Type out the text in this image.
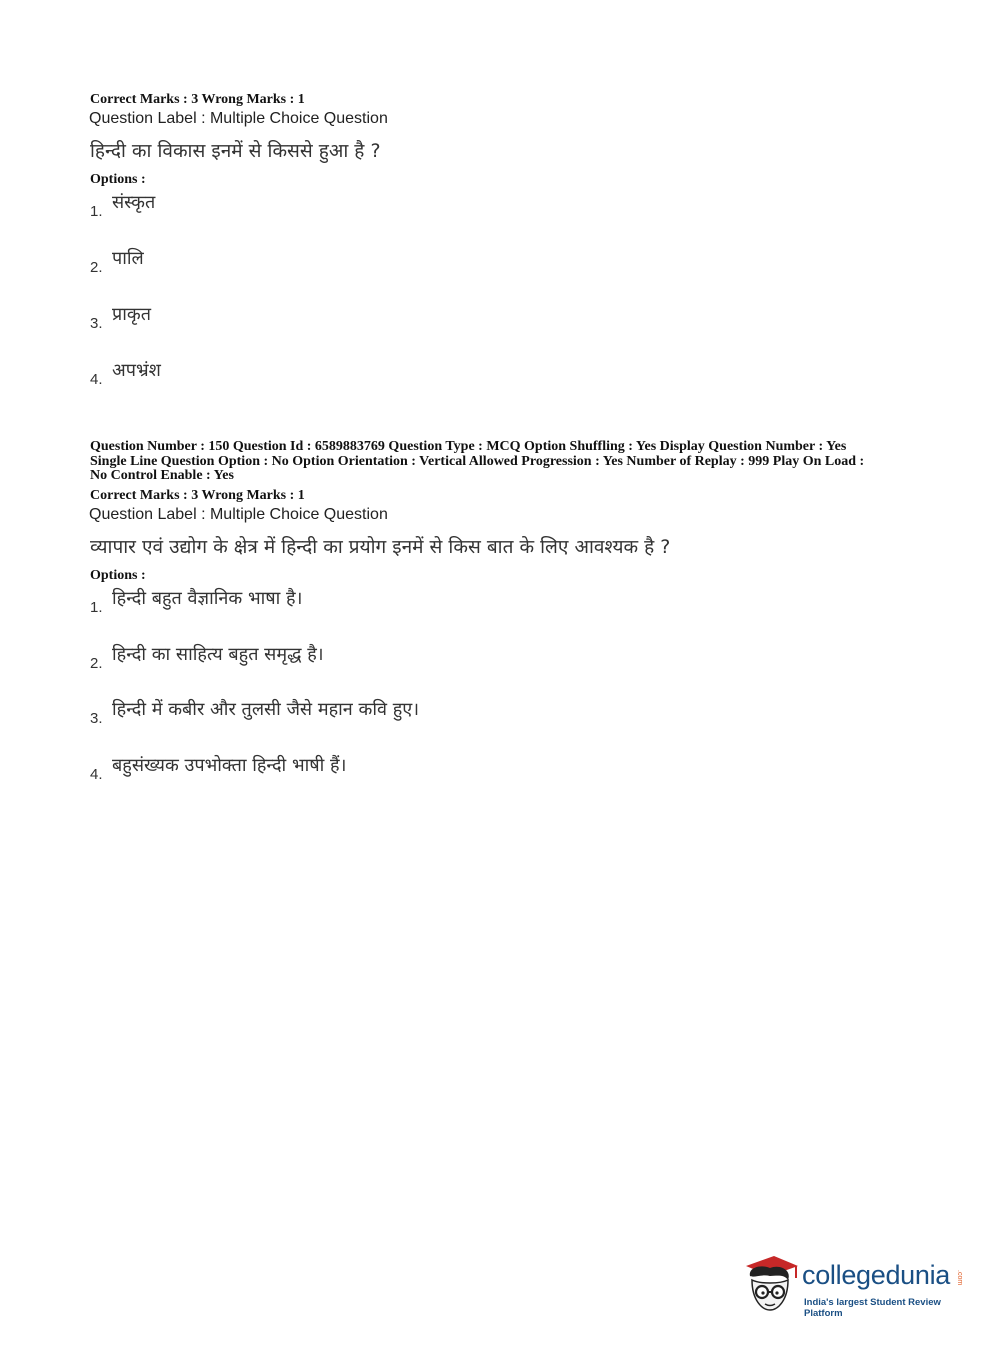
Correct Marks : 3 Wrong Marks : 1
Question Label : Multiple Choice Question
हिन्दी का विकास इनमें से किससे हुआ है ?
Options :
1. संस्कृत
2. पालि
3. प्राकृत
4. अपभ्रंश
Question Number : 150 Question Id : 6589883769 Question Type : MCQ Option Shuffling : Yes Display Question Number : Yes
Single Line Question Option : No Option Orientation : Vertical Allowed Progression : Yes Number of Replay : 999 Play On Load :
No Control Enable : Yes
Correct Marks : 3 Wrong Marks : 1
Question Label : Multiple Choice Question
व्यापार एवं उद्योग के क्षेत्र में हिन्दी का प्रयोग इनमें से किस बात के लिए आवश्यक है ?
Options :
1. हिन्दी बहुत वैज्ञानिक भाषा है।
2. हिन्दी का साहित्य बहुत समृद्ध है।
3. हिन्दी में कबीर और तुलसी जैसे महान कवि हुए।
4. बहुसंख्यक उपभोक्ता हिन्दी भाषी हैं।
collegedunia .com
India's largest Student Review Platform
